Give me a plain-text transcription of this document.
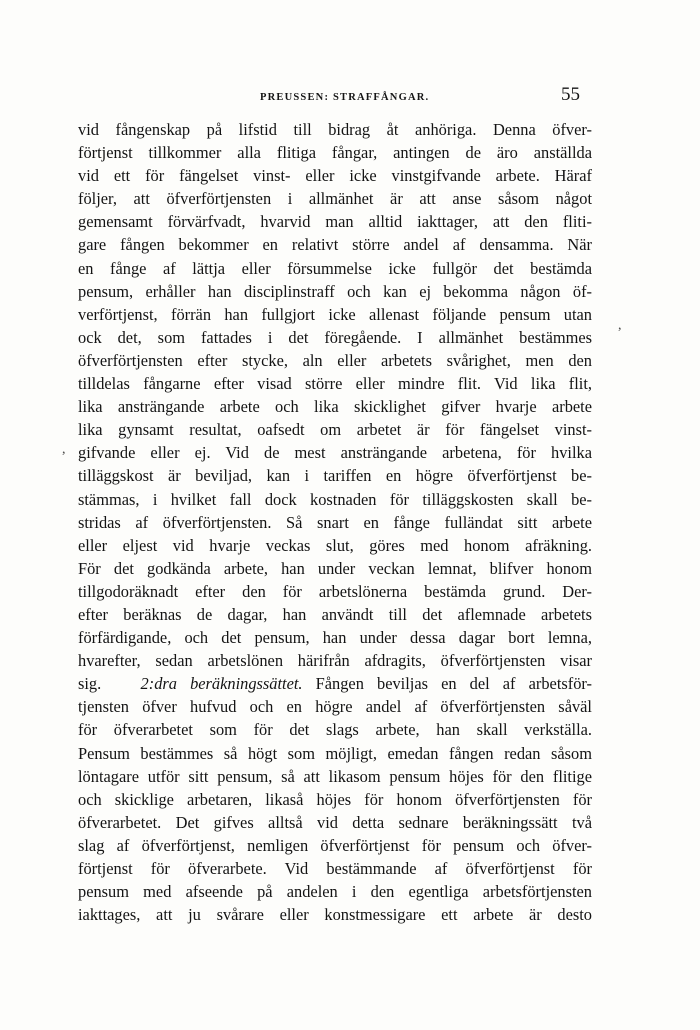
PREUSSEN: STRAFFÅNGAR.	55
vid fångenskap på lifstid till bidrag åt anhöriga. Denna öfver-
förtjenst tillkommer alla flitiga fångar, antingen de äro anställda
vid ett för fängelset vinst- eller icke vinstgifvande arbete. Häraf
följer, att öfverförtjensten i allmänhet är att anse såsom något
gemensamt förvärfvadt, hvarvid man alltid iakttager, att den fliti-
gare fången bekommer en relativt större andel af densamma. När
en fånge af lättja eller försummelse icke fullgör det bestämda
pensum, erhåller han disciplinstraff och kan ej bekomma någon öf-
verförtjenst, förrän han fullgjort icke allenast följande pensum utan
ock det, som fattades i det föregående. I allmänhet bestämmes
öfverförtjensten efter stycke, aln eller arbetets svårighet, men den
tilldelas fångarne efter visad större eller mindre flit. Vid lika flit,
lika ansträngande arbete och lika skicklighet gifver hvarje arbete
lika gynsamt resultat, oafsedt om arbetet är för fängelset vinst-
gifvande eller ej. Vid de mest ansträngande arbetena, för hvilka
tilläggskost är beviljad, kan i tariffen en högre öfverförtjenst be-
stämmas, i hvilket fall dock kostnaden för tilläggskosten skall be-
stridas af öfverförtjensten. Så snart en fånge fulländat sitt arbete
eller eljest vid hvarje veckas slut, göres med honom afräkning.
För det godkända arbete, han under veckan lemnat, blifver honom
tillgodoräknadt efter den för arbetslönerna bestämda grund. Der-
efter beräknas de dagar, han användt till det aflemnade arbetets
förfärdigande, och det pensum, han under dessa dagar bort lemna,
hvarefter, sedan arbetslönen härifrån afdragits, öfverförtjensten visar
sig. 2:dra beräkningssättet. Fången beviljas en del af arbetsför-
tjensten öfver hufvud och en högre andel af öfverförtjensten såväl
för öfverarbetet som för det slags arbete, han skall verkställa.
Pensum bestämmes så högt som möjligt, emedan fången redan såsom
löntagare utför sitt pensum, så att likasom pensum höjes för den flitige
och skicklige arbetaren, likaså höjes för honom öfverförtjensten för
öfverarbetet. Det gifves alltså vid detta sednare beräkningssätt två
slag af öfverförtjenst, nemligen öfverförtjenst för pensum och öfver-
förtjenst för öfverarbete. Vid bestämmande af öfverförtjenst för
pensum med afseende på andelen i den egentliga arbetsförtjensten
iakttages, att ju svårare eller konstmessigare ett arbete är desto
,
,
